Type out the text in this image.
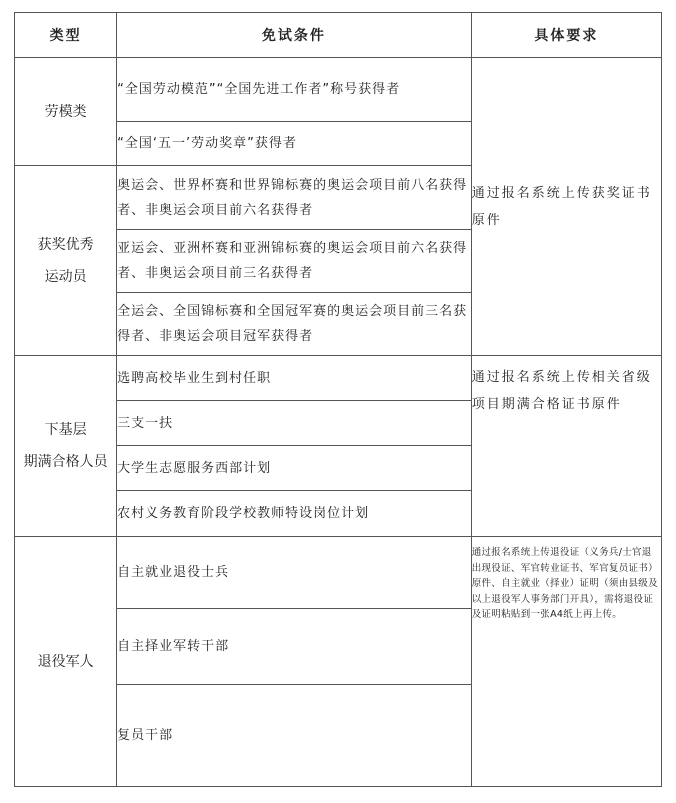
类型	免试条件	具体要求
劳模类	“全国劳动模范”“全国先进工作者”称号获得者	通过报名系统上传获奖证书原件
	“全国‘五一’劳动奖章”获得者	

获奖优秀
运动员	奥运会、世界杯赛和世界锦标赛的奥运会项目前八名获得者、非奥运会项目前六名获得者	
	亚运会、亚洲杯赛和亚洲锦标赛的奥运会项目前六名获得者、非奥运会项目前三名获得者	
	全运会、全国锦标赛和全国冠军赛的奥运会项目前三名获得者、非奥运会项目冠军获得者	

下基层
期满合格人员	选聘高校毕业生到村任职	通过报名系统上传相关省级项目期满合格证书原件
	三支一扶	
	大学生志愿服务西部计划	
	农村义务教育阶段学校教师特设岗位计划	
退役军人	自主就业退役士兵	通过报名系统上传退役证（义务兵/士官退出现役证、军官转业证书、军官复员证书）原件、自主就业（择业）证明（须由县级及以上退役军人事务部门开具），需将退役证及证明粘贴到一张A4纸上再上传。
	自主择业军转干部	
	复员干部	
